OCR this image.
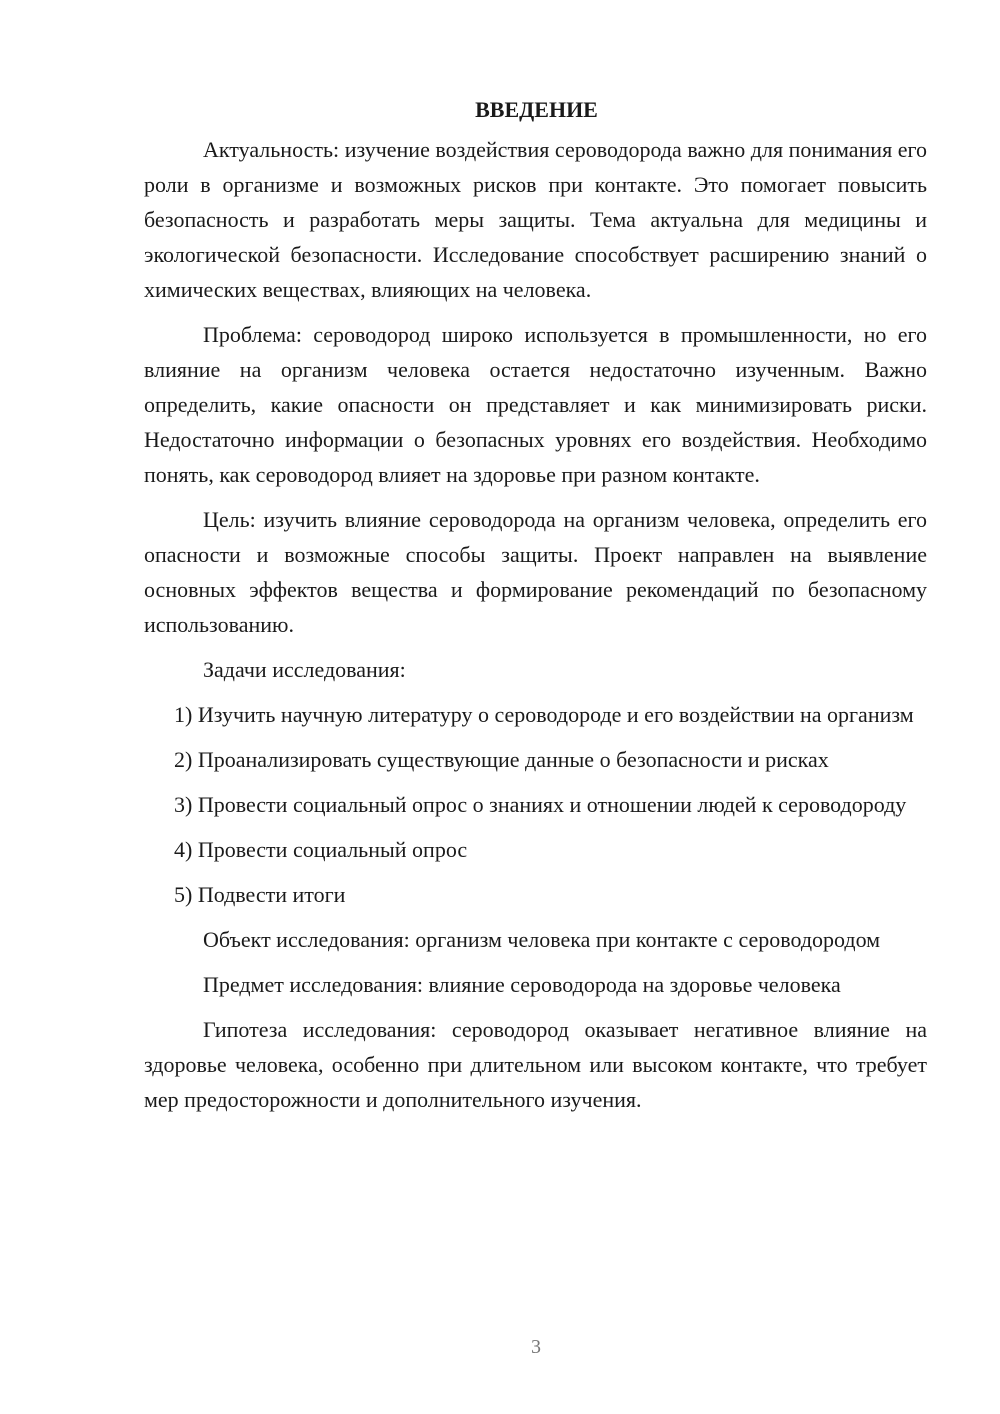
ВВЕДЕНИЕ

Актуальность: изучение воздействия сероводорода важно для понимания его роли в организме и возможных рисков при контакте. Это помогает повысить безопасность и разработать меры защиты. Тема актуальна для медицины и экологической безопасности. Исследование способствует расширению знаний о химических веществах, влияющих на человека.

Проблема: сероводород широко используется в промышленности, но его влияние на организм человека остается недостаточно изученным. Важно определить, какие опасности он представляет и как минимизировать риски. Недостаточно информации о безопасных уровнях его воздействия. Необходимо понять, как сероводород влияет на здоровье при разном контакте.

Цель: изучить влияние сероводорода на организм человека, определить его опасности и возможные способы защиты. Проект направлен на выявление основных эффектов вещества и формирование рекомендаций по безопасному использованию.

Задачи исследования:

1) Изучить научную литературу о сероводороде и его воздействии на организм

2) Проанализировать существующие данные о безопасности и рисках

3) Провести социальный опрос о знаниях и отношении людей к сероводороду

4) Провести социальный опрос

5) Подвести итоги

Объект исследования: организм человека при контакте с сероводородом

Предмет исследования: влияние сероводорода на здоровье человека

Гипотеза исследования: сероводород оказывает негативное влияние на здоровье человека, особенно при длительном или высоком контакте, что требует мер предосторожности и дополнительного изучения.

3
